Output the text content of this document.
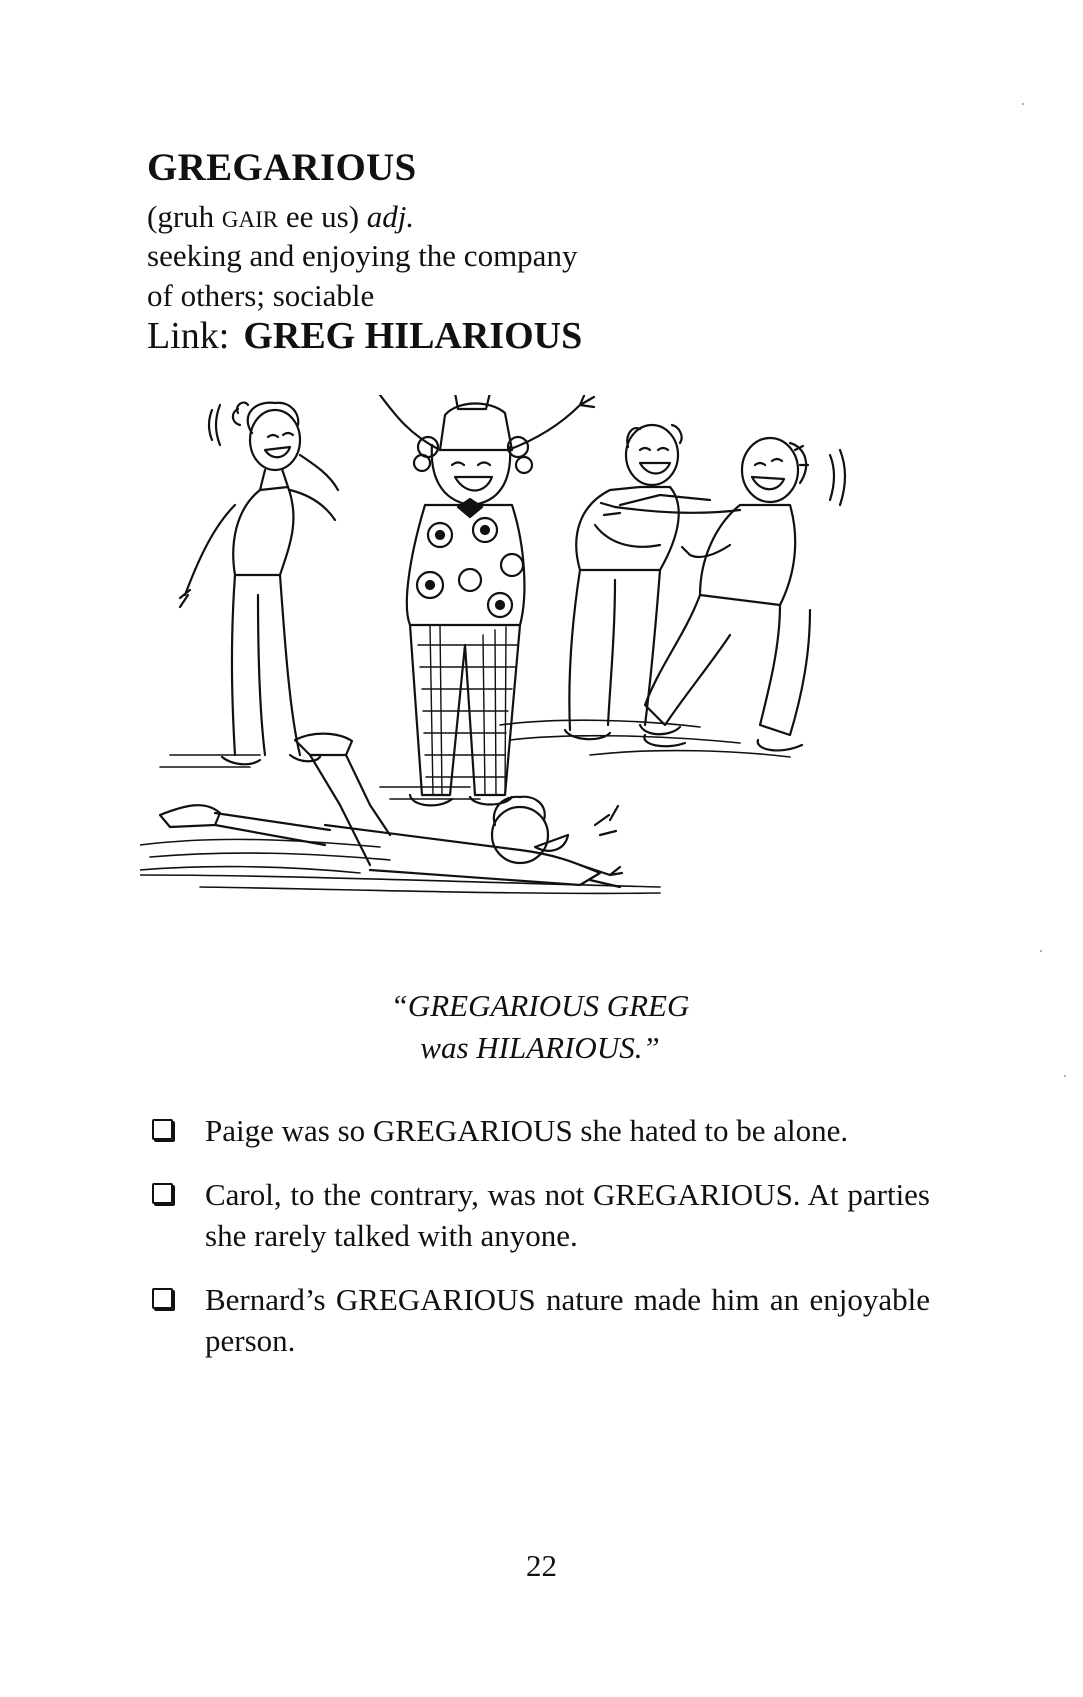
GREGARIOUS
(gruh GAIR ee us) adj.
seeking and enjoying the company
of others; sociable
Link: GREG HILARIOUS
“GREGARIOUS GREG
was HILARIOUS.”
Paige was so GREGARIOUS she hated to be alone.
Carol, to the contrary, was not GREGARIOUS. At parties she rarely talked with anyone.
Bernard’s GREGARIOUS nature made him an enjoyable person.
22
